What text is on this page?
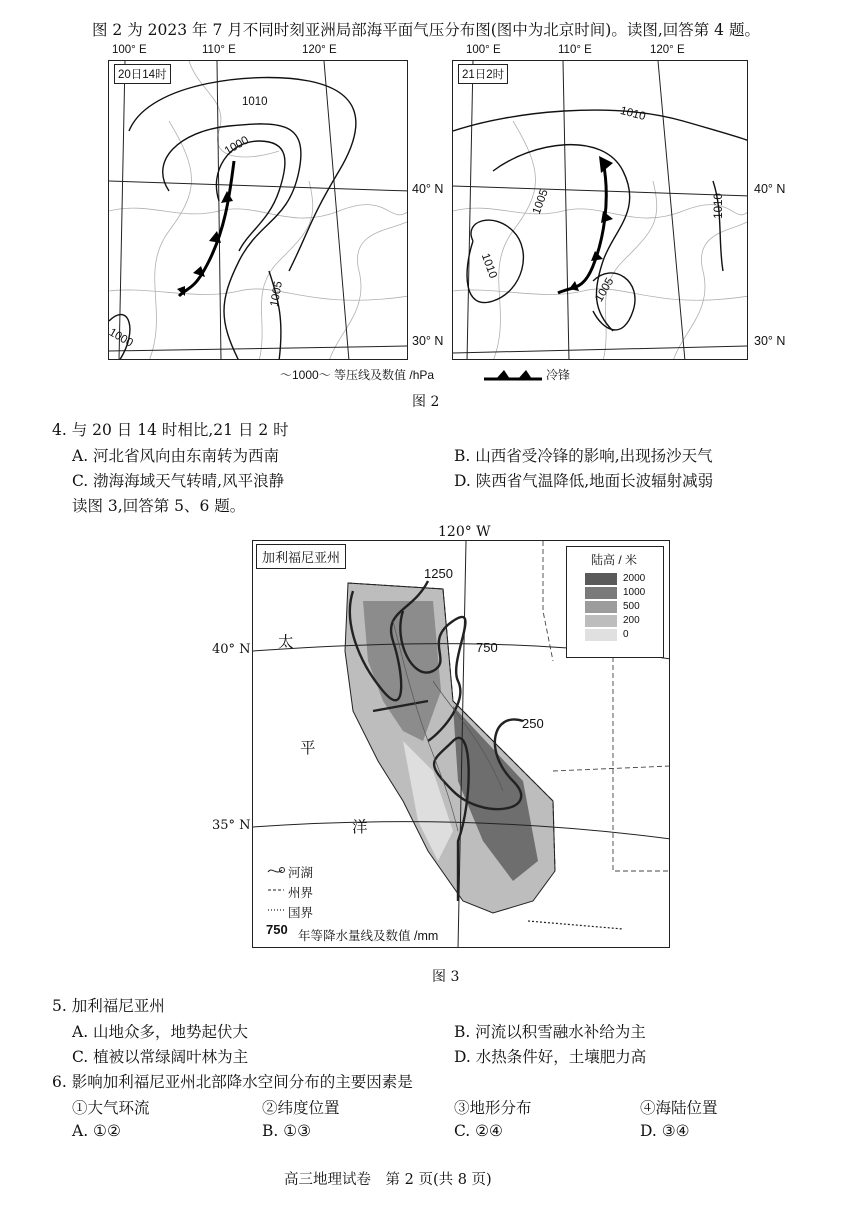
图 2 为 2023 年 7 月不同时刻亚洲局部海平面气压分布图(图中为北京时间)。读图,回答第 4 题。
100° E	110° E	120° E	100° E	110° E	120° E
20日14时
1010
1000
1005
1000
40° N
30° N
21日2时
1010
1005
1010
1010
1005
40° N
30° N
～1000～ 等压线及数值 /hPa	冷锋
图 2
4. 与 20 日 14 时相比,21 日 2 时
A. 河北省风向由东南转为西南	B. 山西省受冷锋的影响,出现扬沙天气
C. 渤海海域天气转晴,风平浪静	D. 陕西省气温降低,地面长波辐射减弱
读图 3,回答第 5、6 题。
120° W
加利福尼亚州	陆高 / 米
2000
1000
500
200
0
1250
750
250
太
平
洋
40° N
35° N
河湖
州界
国界
750 年等降水量线及数值 /mm
图 3
5. 加利福尼亚州
A. 山地众多，地势起伏大	B. 河流以积雪融水补给为主
C. 植被以常绿阔叶林为主	D. 水热条件好，土壤肥力高
6. 影响加利福尼亚州北部降水空间分布的主要因素是
①大气环流	②纬度位置	③地形分布	④海陆位置
A. ①②	B. ①③	C. ②④	D. ③④
高三地理试卷　第 2 页(共 8 页)
